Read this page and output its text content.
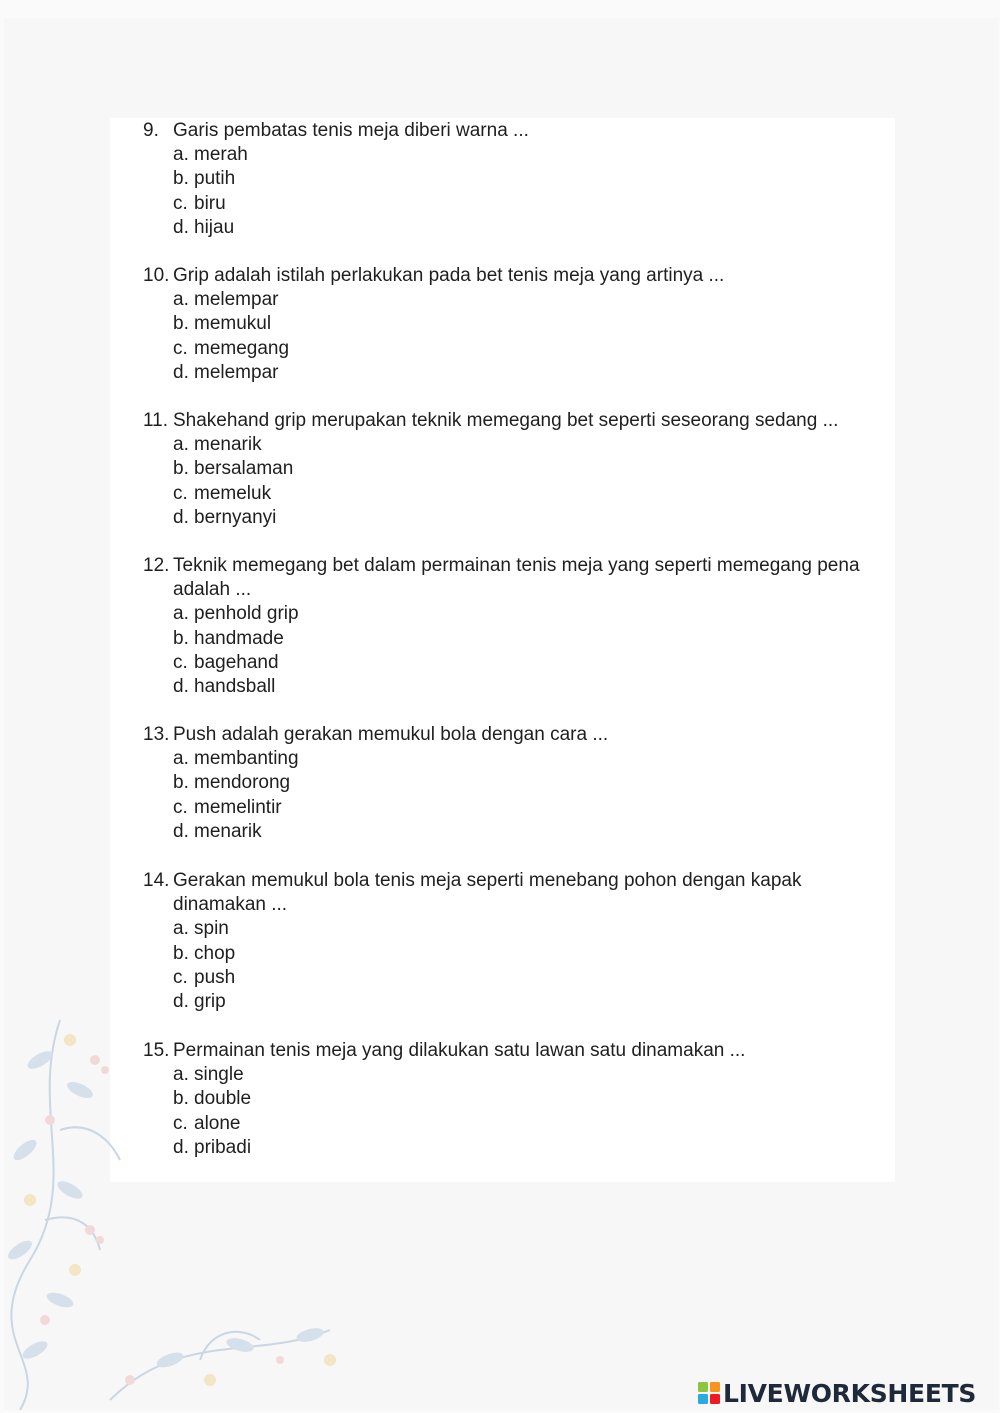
9. Garis pembatas tenis meja diberi warna ...
a. merah
b. putih
c. biru
d. hijau
10. Grip adalah istilah perlakukan pada bet tenis meja yang artinya ...
a. melempar
b. memukul
c. memegang
d. melempar
11. Shakehand grip merupakan teknik memegang bet seperti seseorang sedang ...
a. menarik
b. bersalaman
c. memeluk
d. bernyanyi
12. Teknik memegang bet dalam permainan tenis meja yang seperti memegang pena adalah ...
a. penhold grip
b. handmade
c. bagehand
d. handsball
13. Push adalah gerakan memukul bola dengan cara ...
a. membanting
b. mendorong
c. memelintir
d. menarik
14. Gerakan memukul bola tenis meja seperti menebang pohon dengan kapak dinamakan ...
a. spin
b. chop
c. push
d. grip
15. Permainan tenis meja yang dilakukan satu lawan satu dinamakan ...
a. single
b. double
c. alone
d. pribadi
LIVEWORKSHEETS
